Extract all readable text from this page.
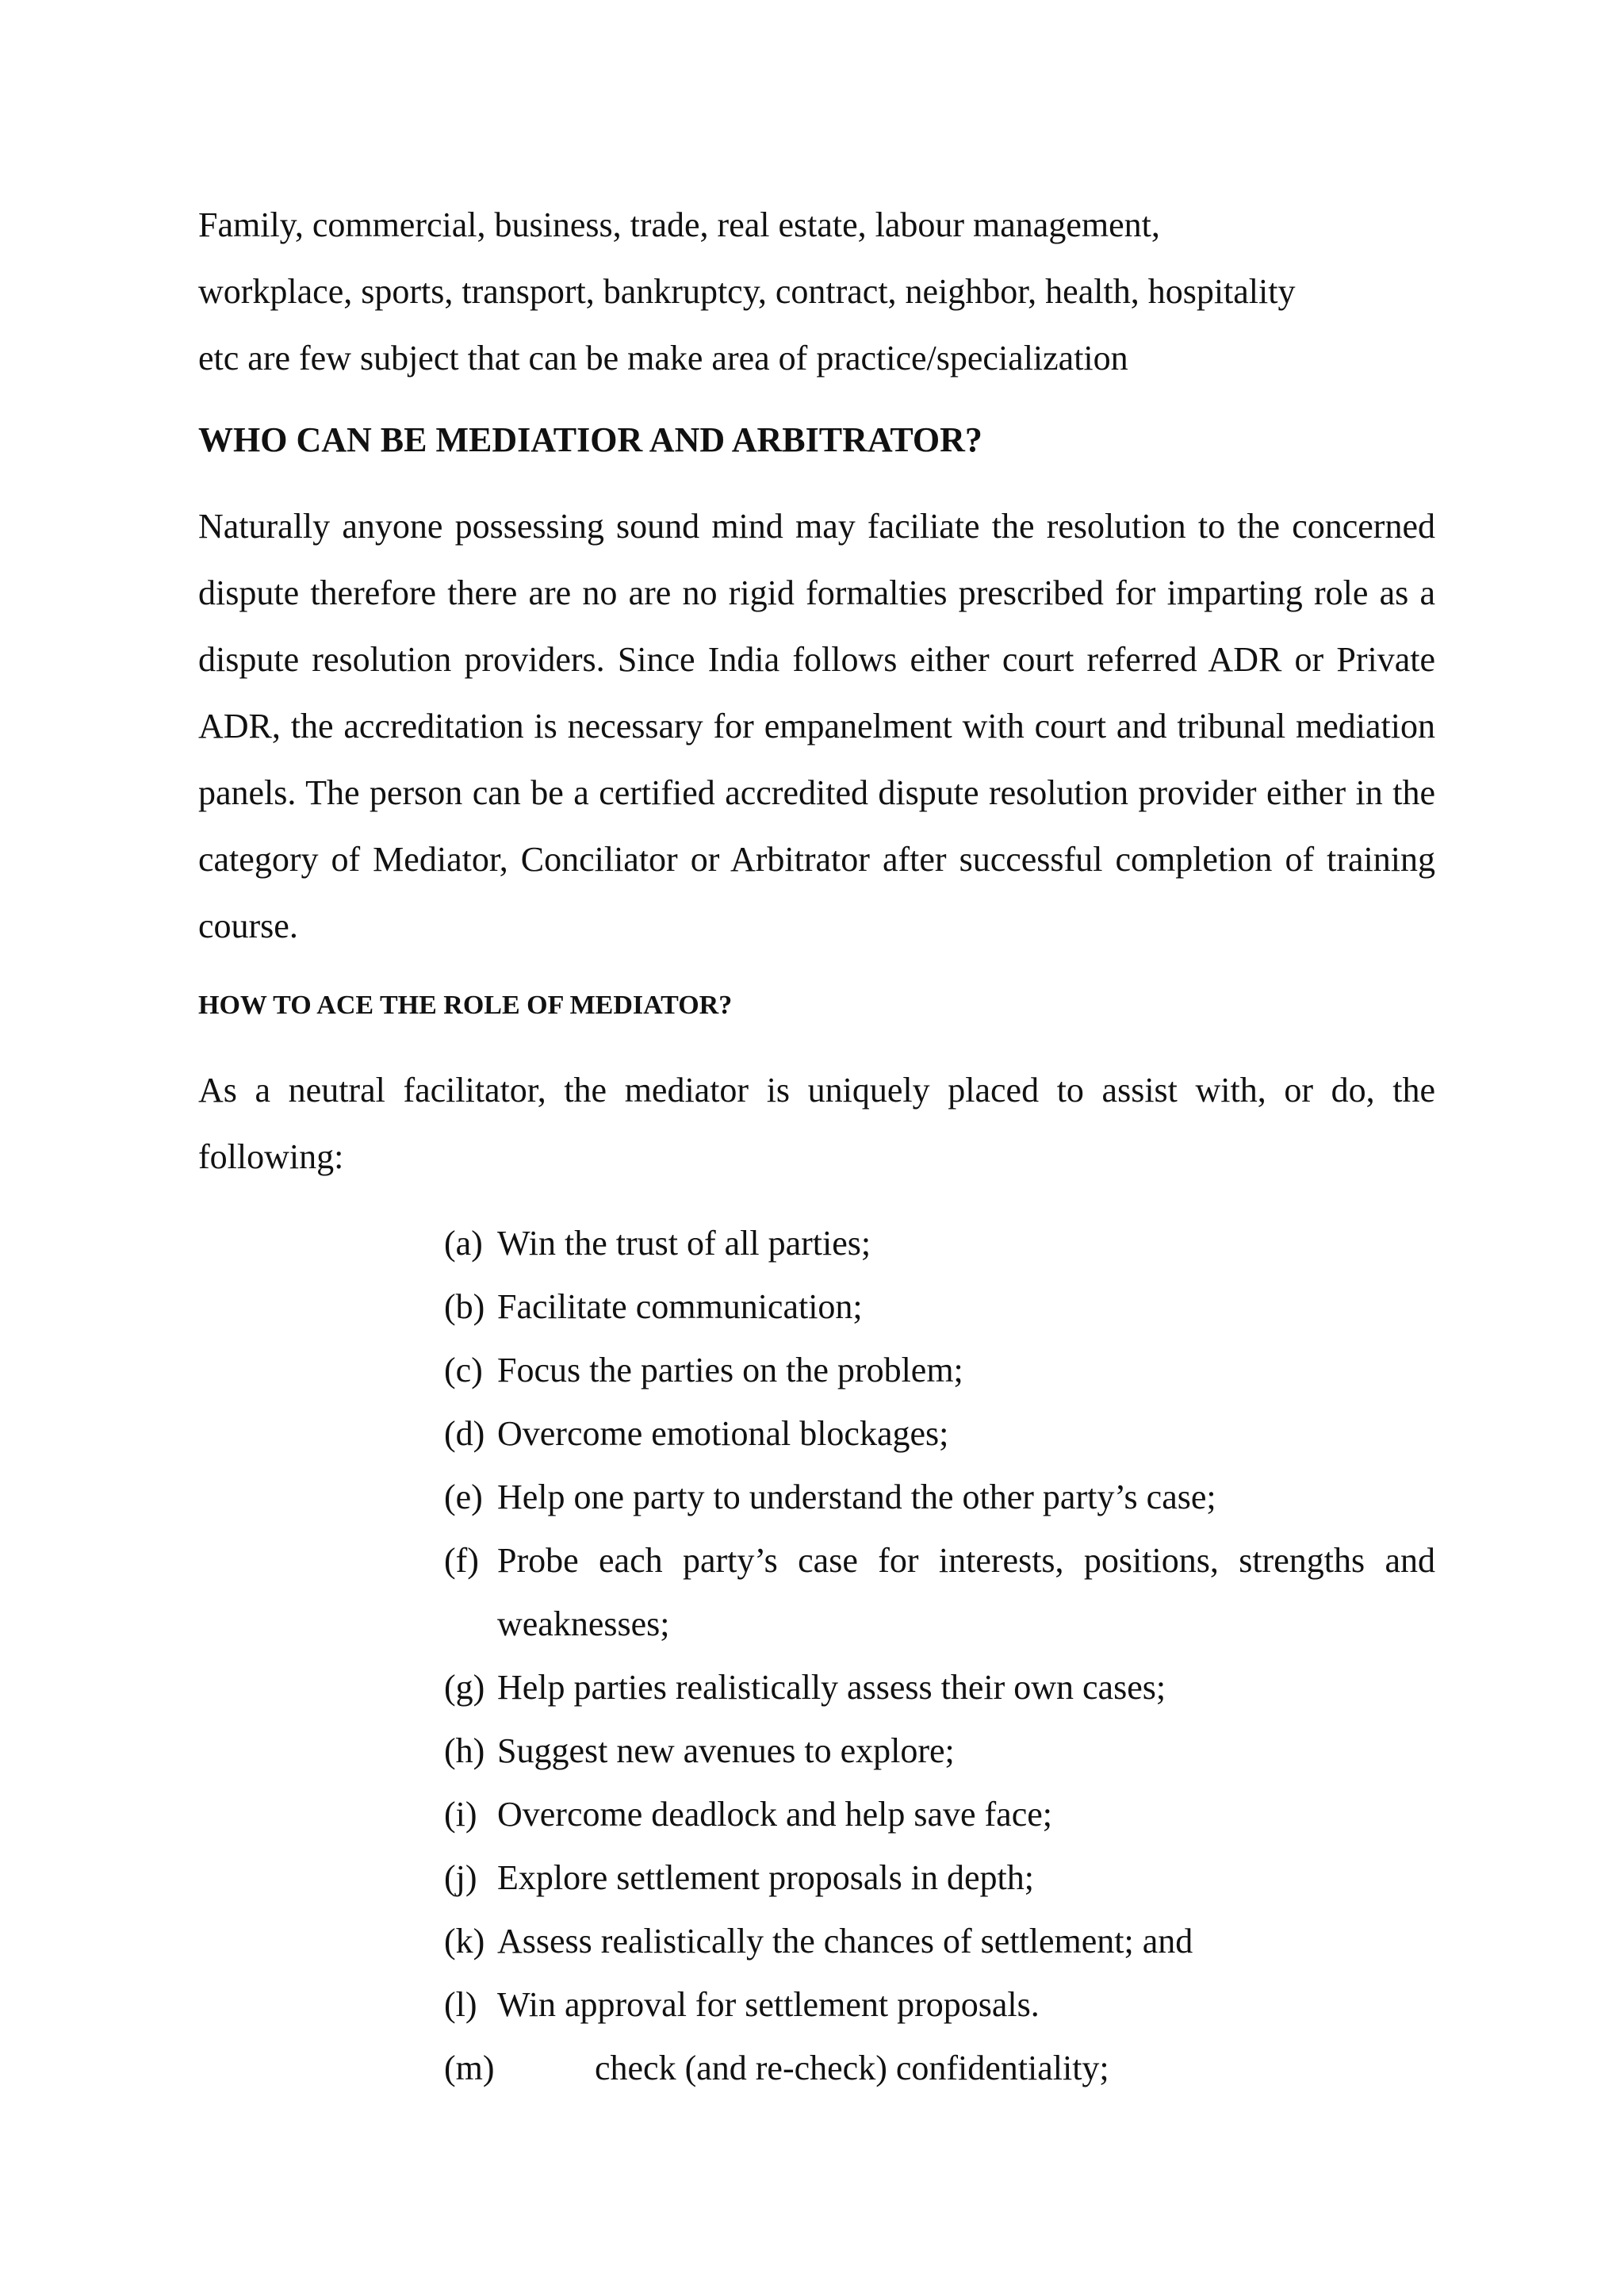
Family, commercial, business, trade, real estate, labour management,
workplace, sports, transport, bankruptcy, contract, neighbor, health, hospitality
etc are few subject that can be make area of practice/specialization

WHO CAN BE MEDIATIOR AND ARBITRATOR?

Naturally anyone possessing sound mind may faciliate the resolution to the concerned dispute therefore there are no are no rigid formalties prescribed for imparting role as a dispute resolution providers. Since India follows either court referred ADR or Private ADR, the accreditation is necessary for empanelment with court and tribunal mediation panels. The person can be a certified accredited dispute resolution provider either in the category of Mediator, Conciliator or Arbitrator after successful completion of training course.

HOW TO ACE THE ROLE OF MEDIATOR?

As a neutral facilitator, the mediator is uniquely placed to assist with, or do, the following:

(a) Win the trust of all parties;
(b) Facilitate communication;
(c) Focus the parties on the problem;
(d) Overcome emotional blockages;
(e) Help one party to understand the other party’s case;
(f) Probe each party’s case for interests, positions, strengths and weaknesses;
(g) Help parties realistically assess their own cases;
(h) Suggest new avenues to explore;
(i) Overcome deadlock and help save face;
(j) Explore settlement proposals in depth;
(k) Assess realistically the chances of settlement; and
(l) Win approval for settlement proposals.
(m)	check (and re-check) confidentiality;
